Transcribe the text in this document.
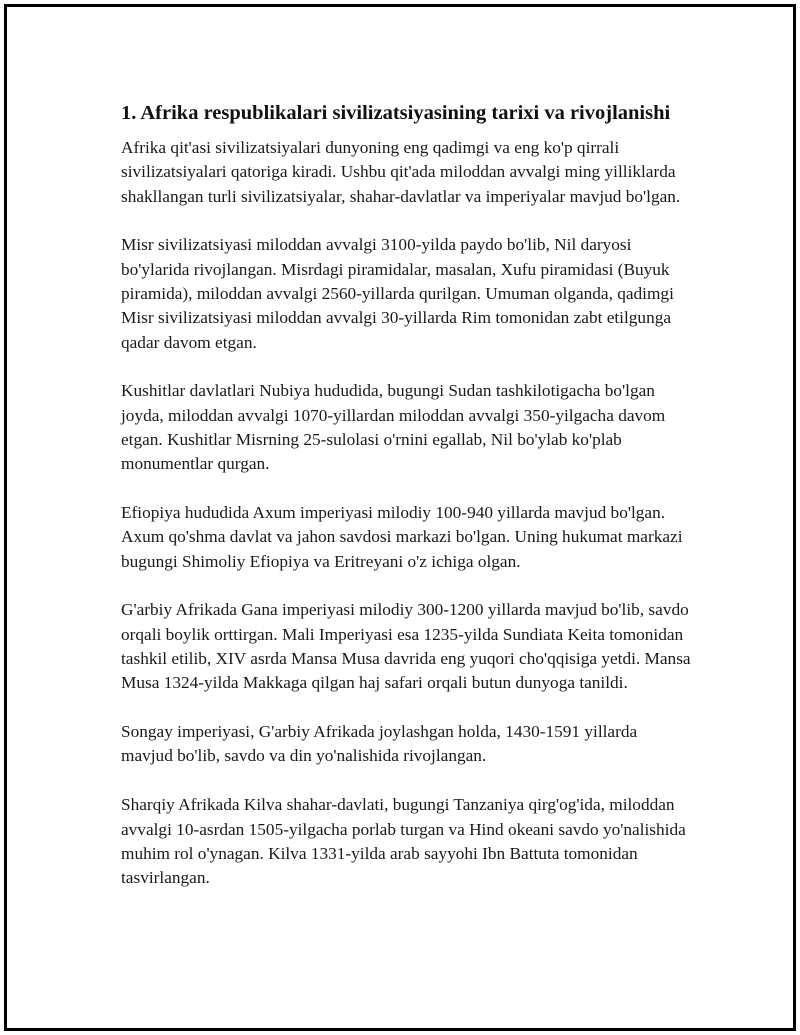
1. Afrika respublikalari sivilizatsiyasining tarixi va rivojlanishi

Afrika qit'asi sivilizatsiyalari dunyoning eng qadimgi va eng ko'p qirrali sivilizatsiyalari qatoriga kiradi. Ushbu qit'ada miloddan avvalgi ming yilliklarda shakllangan turli sivilizatsiyalar, shahar-davlatlar va imperiyalar mavjud bo'lgan.

Misr sivilizatsiyasi miloddan avvalgi 3100-yilda paydo bo'lib, Nil daryosi bo'ylarida rivojlangan. Misrdagi piramidalar, masalan, Xufu piramidasi (Buyuk piramida), miloddan avvalgi 2560-yillarda qurilgan. Umuman olganda, qadimgi Misr sivilizatsiyasi miloddan avvalgi 30-yillarda Rim tomonidan zabt etilgunga qadar davom etgan.

Kushitlar davlatlari Nubiya hududida, bugungi Sudan tashkilotigacha bo'lgan joyda, miloddan avvalgi 1070-yillardan miloddan avvalgi 350-yilgacha davom etgan. Kushitlar Misrning 25-sulolasi o'rnini egallab, Nil bo'ylab ko'plab monumentlar qurgan.

Efiopiya hududida Axum imperiyasi milodiy 100-940 yillarda mavjud bo'lgan. Axum qo'shma davlat va jahon savdosi markazi bo'lgan. Uning hukumat markazi bugungi Shimoliy Efiopiya va Eritreyani o'z ichiga olgan.

G'arbiy Afrikada Gana imperiyasi milodiy 300-1200 yillarda mavjud bo'lib, savdo orqali boylik orttirgan. Mali Imperiyasi esa 1235-yilda Sundiata Keita tomonidan tashkil etilib, XIV asrda Mansa Musa davrida eng yuqori cho'qqisiga yetdi. Mansa Musa 1324-yilda Makkaga qilgan haj safari orqali butun dunyoga tanildi.

Songay imperiyasi, G'arbiy Afrikada joylashgan holda, 1430-1591 yillarda mavjud bo'lib, savdo va din yo'nalishida rivojlangan.

Sharqiy Afrikada Kilva shahar-davlati, bugungi Tanzaniya qirg'og'ida, miloddan avvalgi 10-asrdan 1505-yilgacha porlab turgan va Hind okeani savdo yo'nalishida muhim rol o'ynagan. Kilva 1331-yilda arab sayyohi Ibn Battuta tomonidan tasvirlangan.
